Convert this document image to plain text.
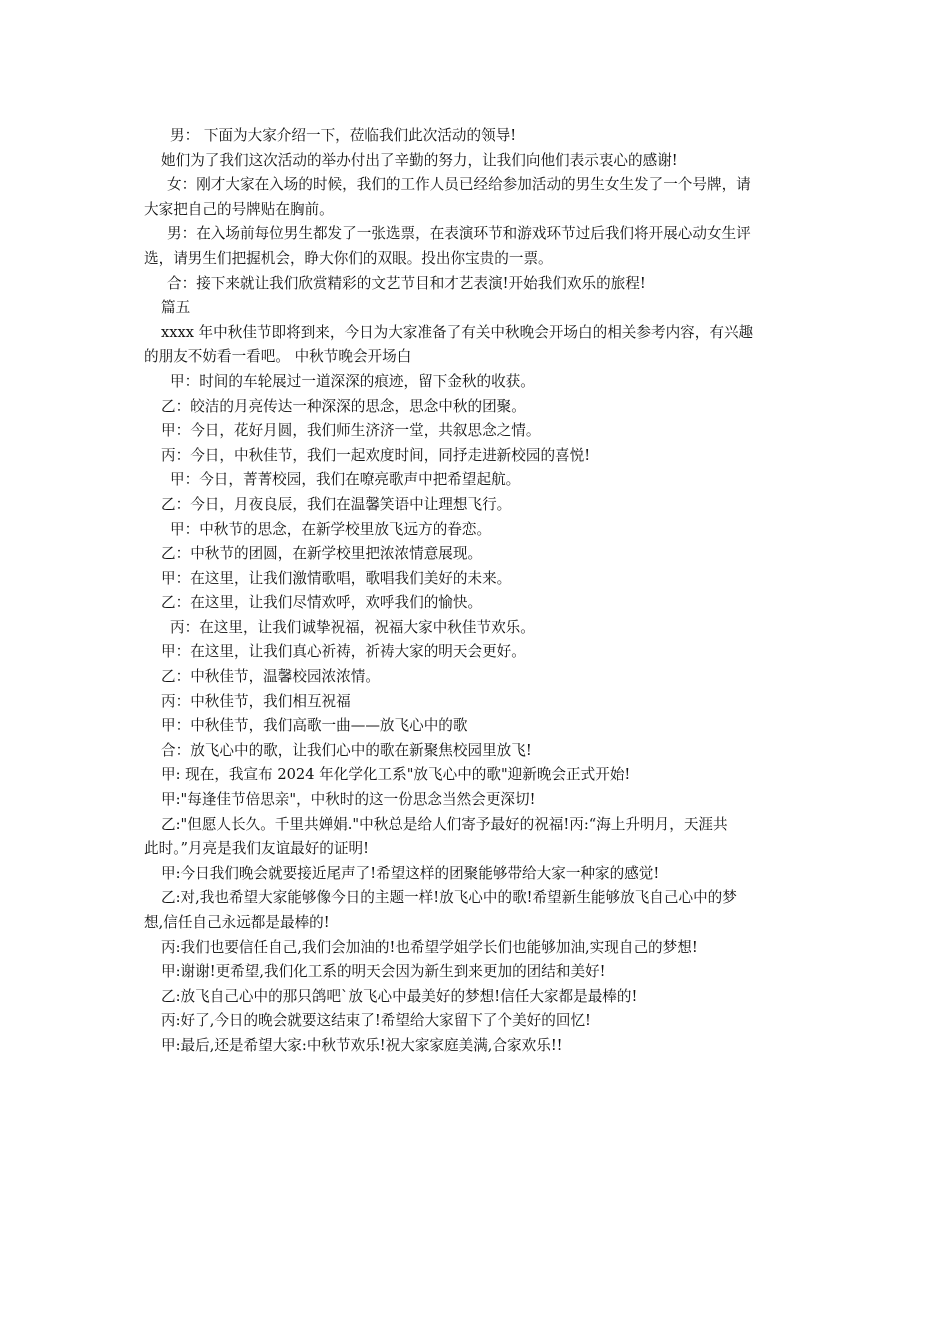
男： 下面为大家介绍一下，莅临我们此次活动的领导!
她们为了我们这次活动的举办付出了辛勤的努力，让我们向他们表示衷心的感谢!
女：刚才大家在入场的时候，我们的工作人员已经给参加活动的男生女生发了一个号牌，请
大家把自己的号牌贴在胸前。
男：在入场前每位男生都发了一张选票，在表演环节和游戏环节过后我们将开展心动女生评
选，请男生们把握机会，睁大你们的双眼。投出你宝贵的一票。
合：接下来就让我们欣赏精彩的文艺节目和才艺表演!开始我们欢乐的旅程!
篇五
xxxx 年中秋佳节即将到来，今日为大家准备了有关中秋晚会开场白的相关参考内容，有兴趣
的朋友不妨看一看吧。 中秋节晚会开场白
甲：时间的车轮展过一道深深的痕迹，留下金秋的收获。
乙：皎洁的月亮传达一种深深的思念，思念中秋的团聚。
甲：今日，花好月圆，我们师生济济一堂，共叙思念之情。
丙：今日，中秋佳节，我们一起欢度时间，同抒走进新校园的喜悦!
甲：今日，菁菁校园，我们在嘹亮歌声中把希望起航。
乙：今日，月夜良辰，我们在温馨笑语中让理想飞行。
甲：中秋节的思念，在新学校里放飞远方的眷恋。
乙：中秋节的团圆，在新学校里把浓浓情意展现。
甲：在这里，让我们激情歌唱，歌唱我们美好的未来。
乙：在这里，让我们尽情欢呼，欢呼我们的愉快。
丙：在这里，让我们诚挚祝福，祝福大家中秋佳节欢乐。
甲：在这里，让我们真心祈祷，祈祷大家的明天会更好。
乙：中秋佳节，温馨校园浓浓情。
丙：中秋佳节，我们相互祝福
甲：中秋佳节，我们高歌一曲——放飞心中的歌
合：放飞心中的歌，让我们心中的歌在新聚焦校园里放飞!
甲: 现在，我宣布 2024 年化学化工系"放飞心中的歌"迎新晚会正式开始!
甲:"每逢佳节倍思亲"，中秋时的这一份思念当然会更深切!
乙:"但愿人长久。千里共婵娟."中秋总是给人们寄予最好的祝福!丙:“海上升明月，天涯共
此时。”月亮是我们友谊最好的证明!
甲:今日我们晚会就要接近尾声了!希望这样的团聚能够带给大家一种家的感觉!
乙:对,我也希望大家能够像今日的主题一样!放飞心中的歌!希望新生能够放飞自己心中的梦
想,信任自己永远都是最棒的!
丙:我们也要信任自己,我们会加油的!也希望学姐学长们也能够加油,实现自己的梦想!
甲:谢谢!更希望,我们化工系的明天会因为新生到来更加的团结和美好!
乙:放飞自己心中的那只鸽吧`放飞心中最美好的梦想!信任大家都是最棒的!
丙:好了,今日的晚会就要这结束了!希望给大家留下了个美好的回忆!
甲:最后,还是希望大家:中秋节欢乐!祝大家家庭美满,合家欢乐!!
